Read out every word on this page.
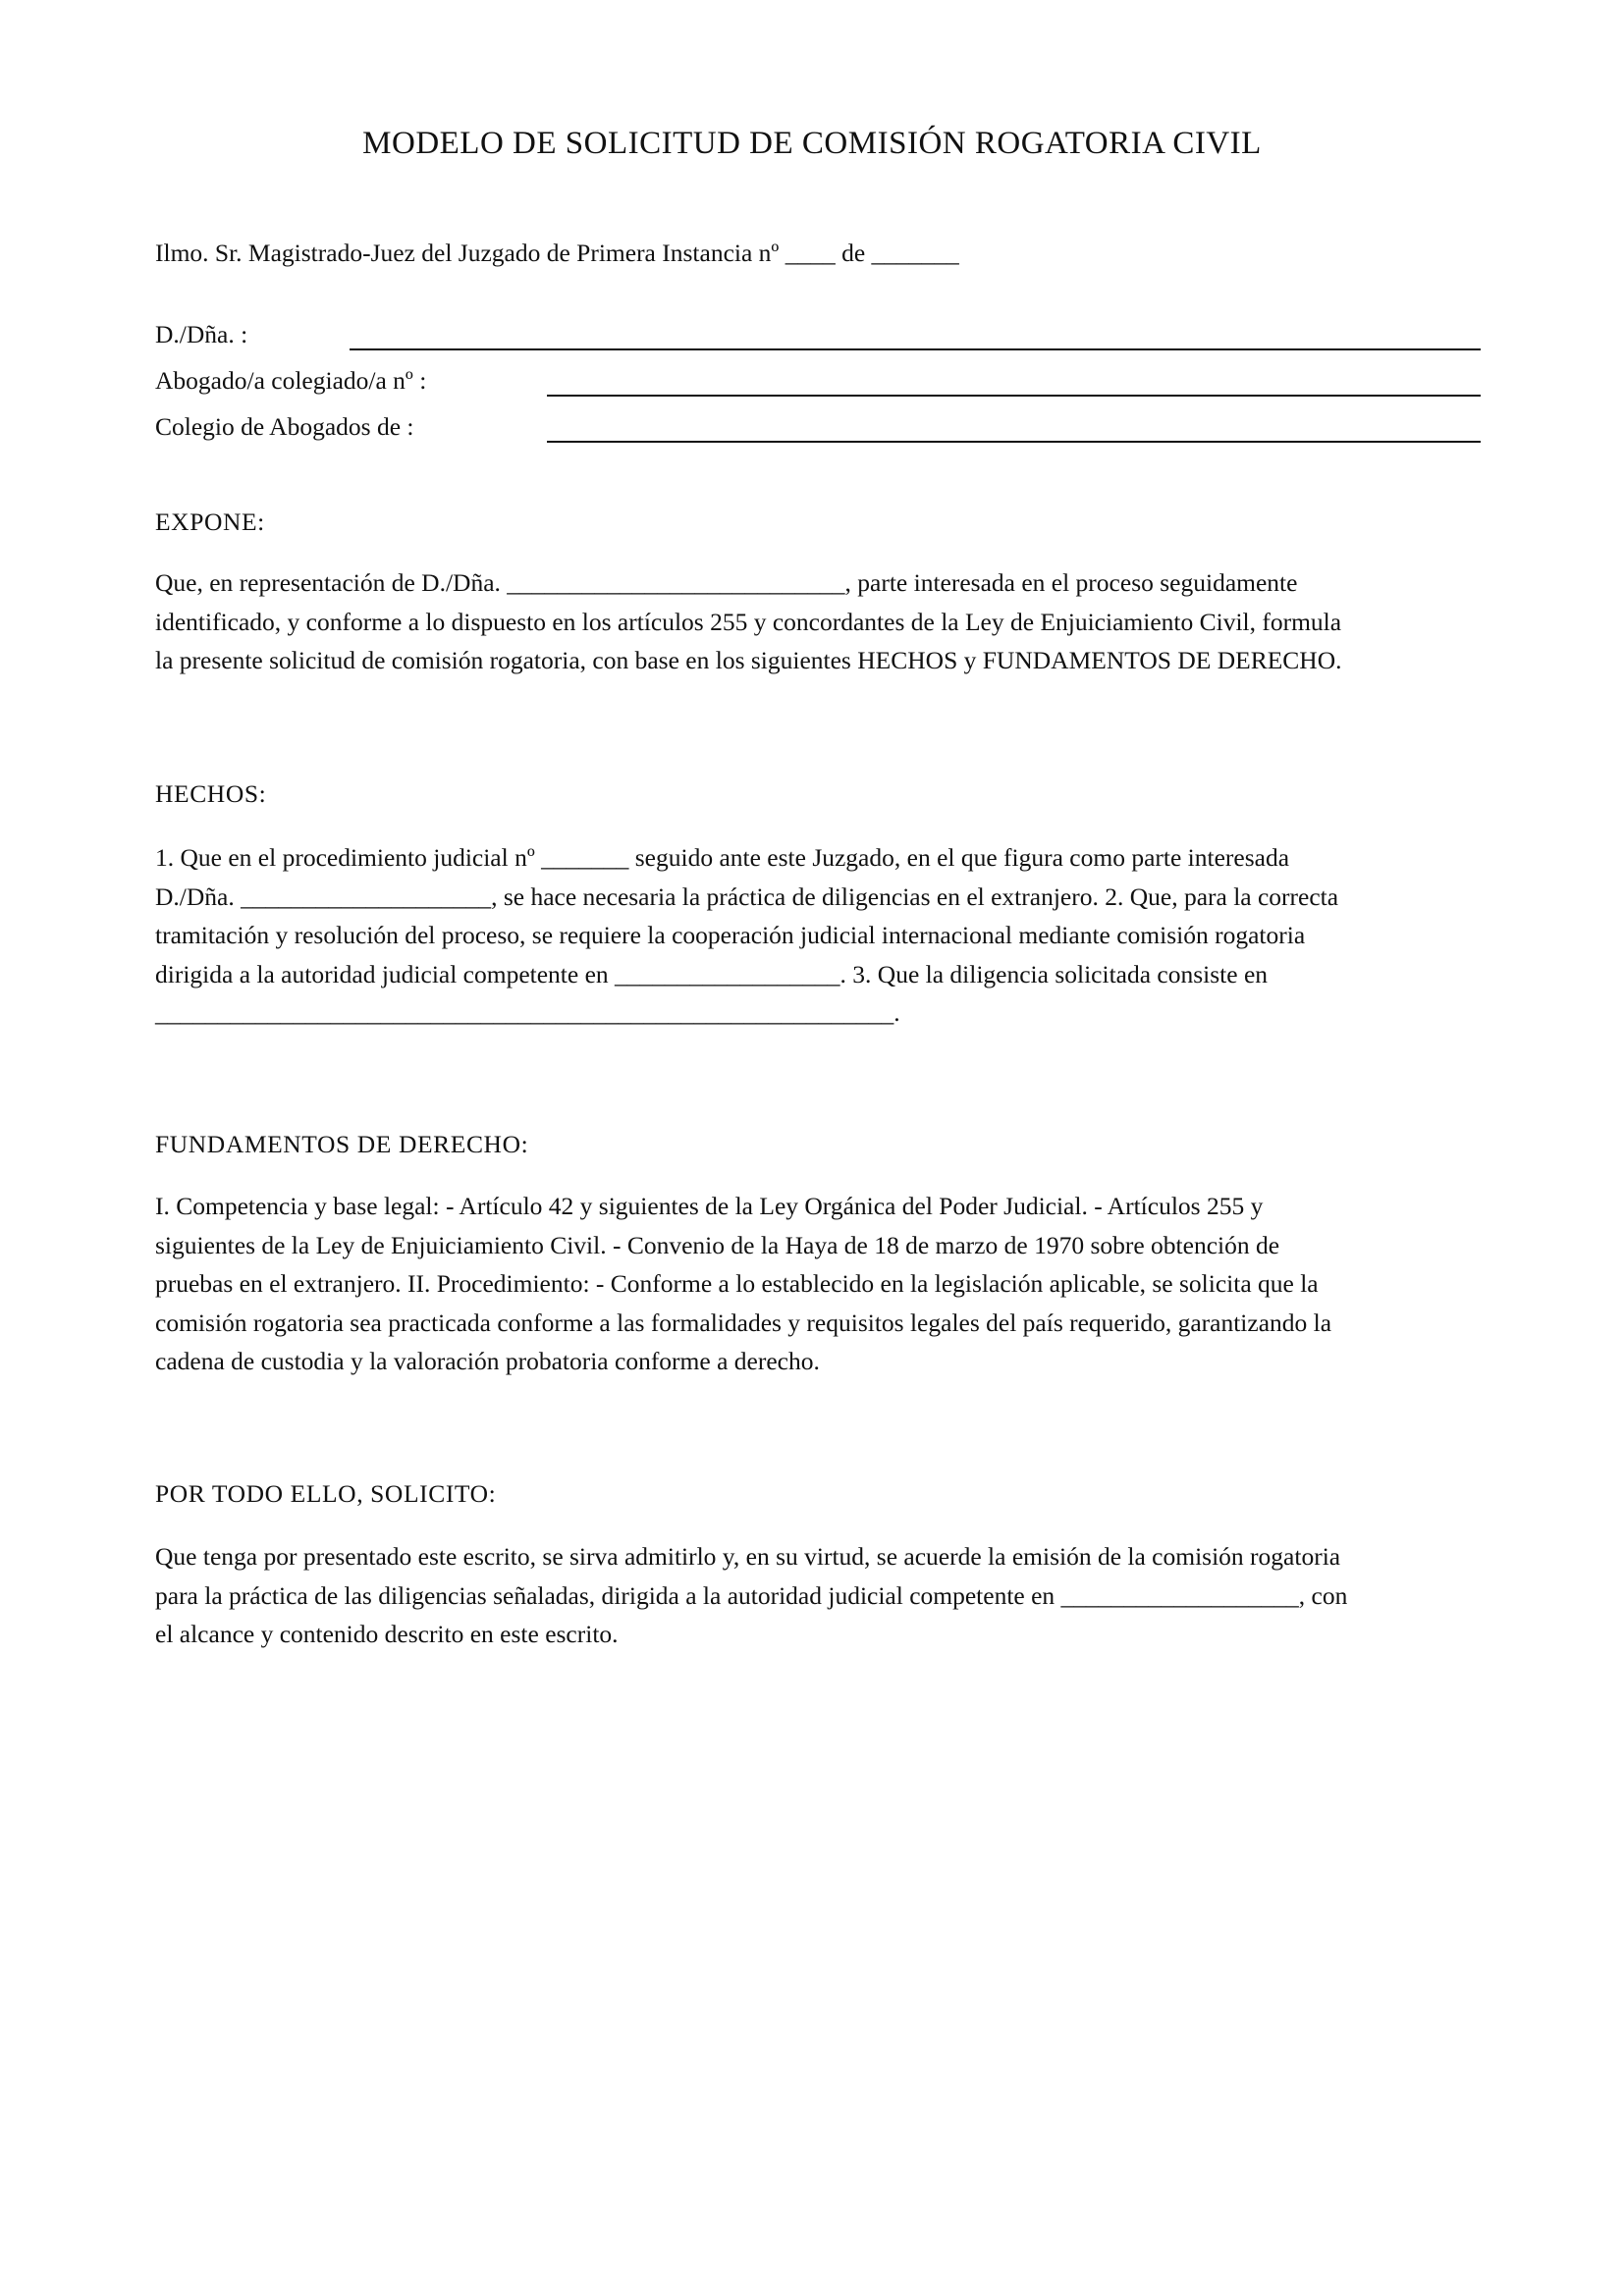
MODELO DE SOLICITUD DE COMISIÓN ROGATORIA CIVIL
Ilmo. Sr. Magistrado-Juez del Juzgado de Primera Instancia nº ____ de _______
D./Dña. :
Abogado/a colegiado/a nº :
Colegio de Abogados de :
EXPONE:
Que, en representación de D./Dña. ___________________________, parte interesada en el proceso seguidamente
identificado, y conforme a lo dispuesto en los artículos 255 y concordantes de la Ley de Enjuiciamiento Civil, formula
la presente solicitud de comisión rogatoria, con base en los siguientes HECHOS y FUNDAMENTOS DE DERECHO.
HECHOS:
1. Que en el procedimiento judicial nº _______ seguido ante este Juzgado, en el que figura como parte interesada
D./Dña. ____________________, se hace necesaria la práctica de diligencias en el extranjero. 2. Que, para la correcta
tramitación y resolución del proceso, se requiere la cooperación judicial internacional mediante comisión rogatoria
dirigida a la autoridad judicial competente en __________________. 3. Que la diligencia solicitada consiste en
___________________________________________________________.
FUNDAMENTOS DE DERECHO:
I. Competencia y base legal: - Artículo 42 y siguientes de la Ley Orgánica del Poder Judicial. - Artículos 255 y
siguientes de la Ley de Enjuiciamiento Civil. - Convenio de la Haya de 18 de marzo de 1970 sobre obtención de
pruebas en el extranjero. II. Procedimiento: - Conforme a lo establecido en la legislación aplicable, se solicita que la
comisión rogatoria sea practicada conforme a las formalidades y requisitos legales del país requerido, garantizando la
cadena de custodia y la valoración probatoria conforme a derecho.
POR TODO ELLO, SOLICITO:
Que tenga por presentado este escrito, se sirva admitirlo y, en su virtud, se acuerde la emisión de la comisión rogatoria
para la práctica de las diligencias señaladas, dirigida a la autoridad judicial competente en ___________________, con
el alcance y contenido descrito en este escrito.
